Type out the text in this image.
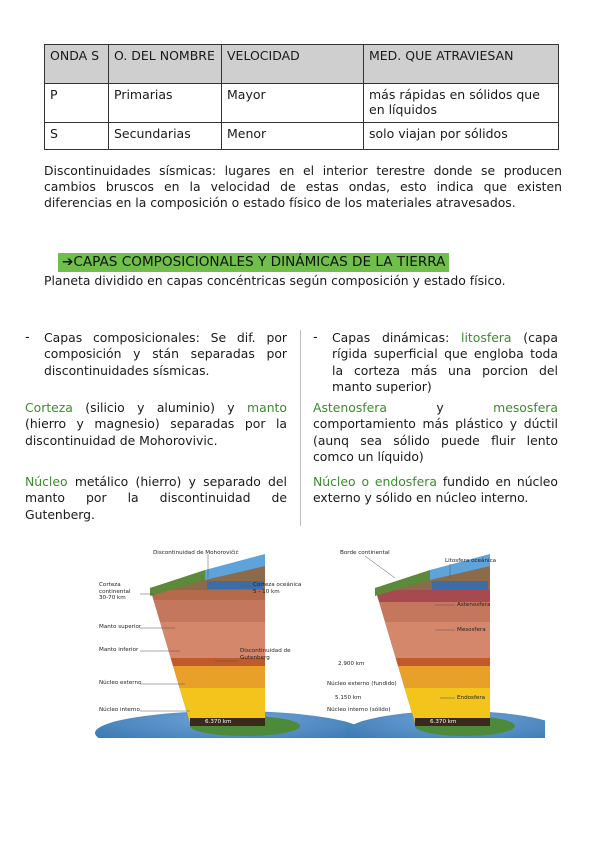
ONDA S	O. DEL NOMBRE	VELOCIDAD	MED. QUE ATRAVIESAN
P	Primarias	Mayor	más rápidas en sólidos que en líquidos
S	Secundarias	Menor	solo viajan por sólidos
Discontinuidades sísmicas: lugares en el interior terestre donde se producen cambios bruscos en la velocidad de estas ondas, esto indica que existen diferencias en la composición o estado físico de los materiales atravesados.
➔CAPAS COMPOSICIONALES Y DINÁMICAS DE LA TIERRA
Planeta dividido en capas concéntricas según composición y estado físico.
- Capas composicionales: Se dif. por composición y stán separadas por discontinuidades sísmicas.

Corteza (silicio y aluminio) y manto (hierro y magnesio) separadas por la discontinuidad de Mohorovivic.

Núcleo metálico (hierro) y separado del manto por la discontinuidad de Gutenberg.

- Capas dinámicas: litosfera (capa rígida superficial que engloba toda la corteza más una porcion del manto superior)

Astenosfera y mesosfera comportamiento más plástico y dúctil (aunq sea sólido puede fluir lento comco un líquido)

Núcleo o endosfera fundido en núcleo externo y sólido en núcleo interno.

Discontinuidad de Mohorovičić
Corteza continental 30-70 km
Corteza oceánica 5 - 10 km
Manto superior
Manto inferior	Discontinuidad de Gutenberg
Núcleo externo
Núcleo interno
6.370 km
Borde continental
Litosfera oceánica
Astenosfera
Mesosfera
2.900 km
Núcleo externo (fundido)
Endosfera
5.150 km
Núcleo interno (sólido)
6.370 km
